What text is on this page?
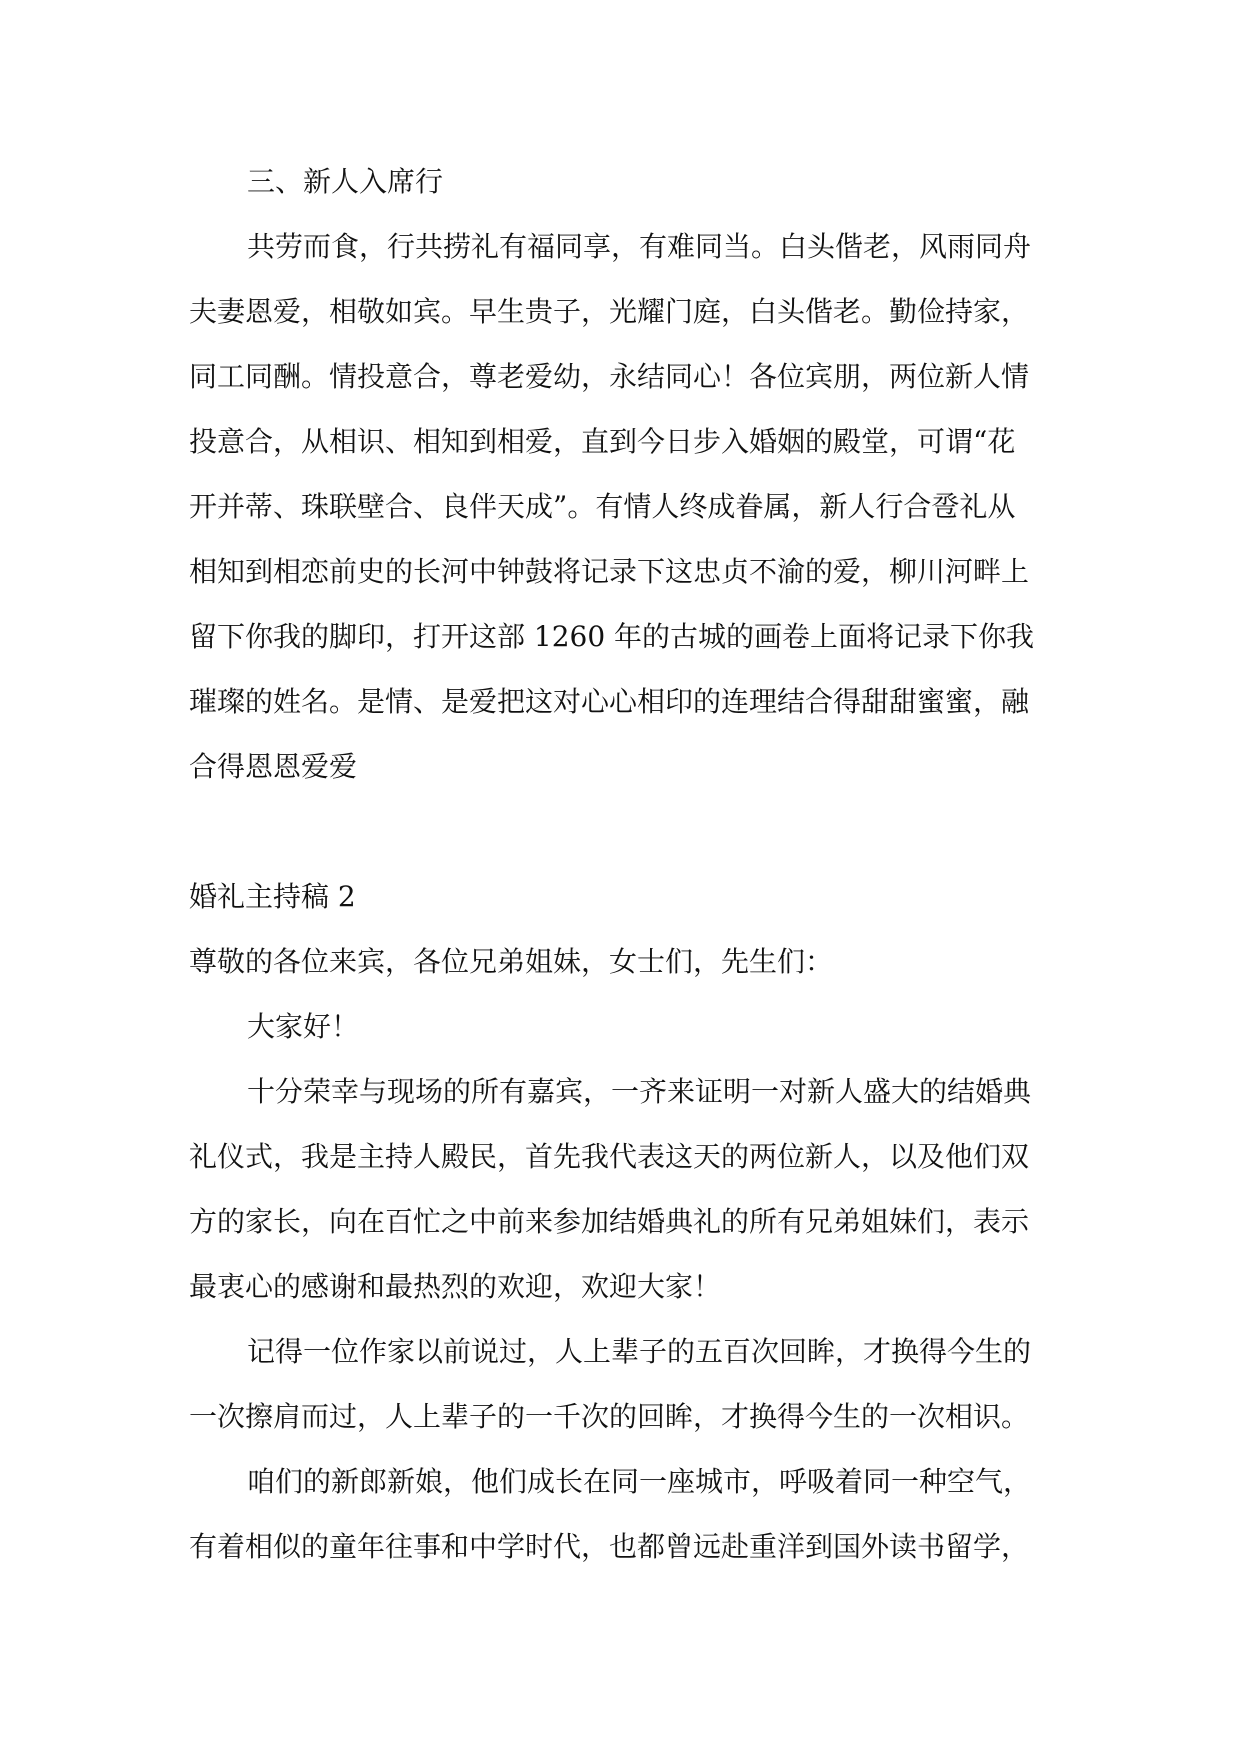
三、新人入席行
共劳而食，行共捞礼有福同享，有难同当。白头偕老，风雨同舟
夫妻恩爱，相敬如宾。早生贵子，光耀门庭，白头偕老。勤俭持家，
同工同酬。情投意合，尊老爱幼，永结同心！各位宾朋，两位新人情
投意合，从相识、相知到相爱，直到今日步入婚姻的殿堂，可谓“花
开并蒂、珠联壁合、良伴天成”。有情人终成眷属，新人行合卺礼从
相知到相恋前史的长河中钟鼓将记录下这忠贞不渝的爱，柳川河畔上
留下你我的脚印，打开这部 1260 年的古城的画卷上面将记录下你我
璀璨的姓名。是情、是爱把这对心心相印的连理结合得甜甜蜜蜜，融
合得恩恩爱爱
婚礼主持稿 2
尊敬的各位来宾，各位兄弟姐妹，女士们，先生们：
大家好！
十分荣幸与现场的所有嘉宾，一齐来证明一对新人盛大的结婚典
礼仪式，我是主持人殿民，首先我代表这天的两位新人，以及他们双
方的家长，向在百忙之中前来参加结婚典礼的所有兄弟姐妹们，表示
最衷心的感谢和最热烈的欢迎，欢迎大家！
记得一位作家以前说过，人上辈子的五百次回眸，才换得今生的
一次擦肩而过，人上辈子的一千次的回眸，才换得今生的一次相识。
咱们的新郎新娘，他们成长在同一座城市，呼吸着同一种空气，
有着相似的童年往事和中学时代，也都曾远赴重洋到国外读书留学，
